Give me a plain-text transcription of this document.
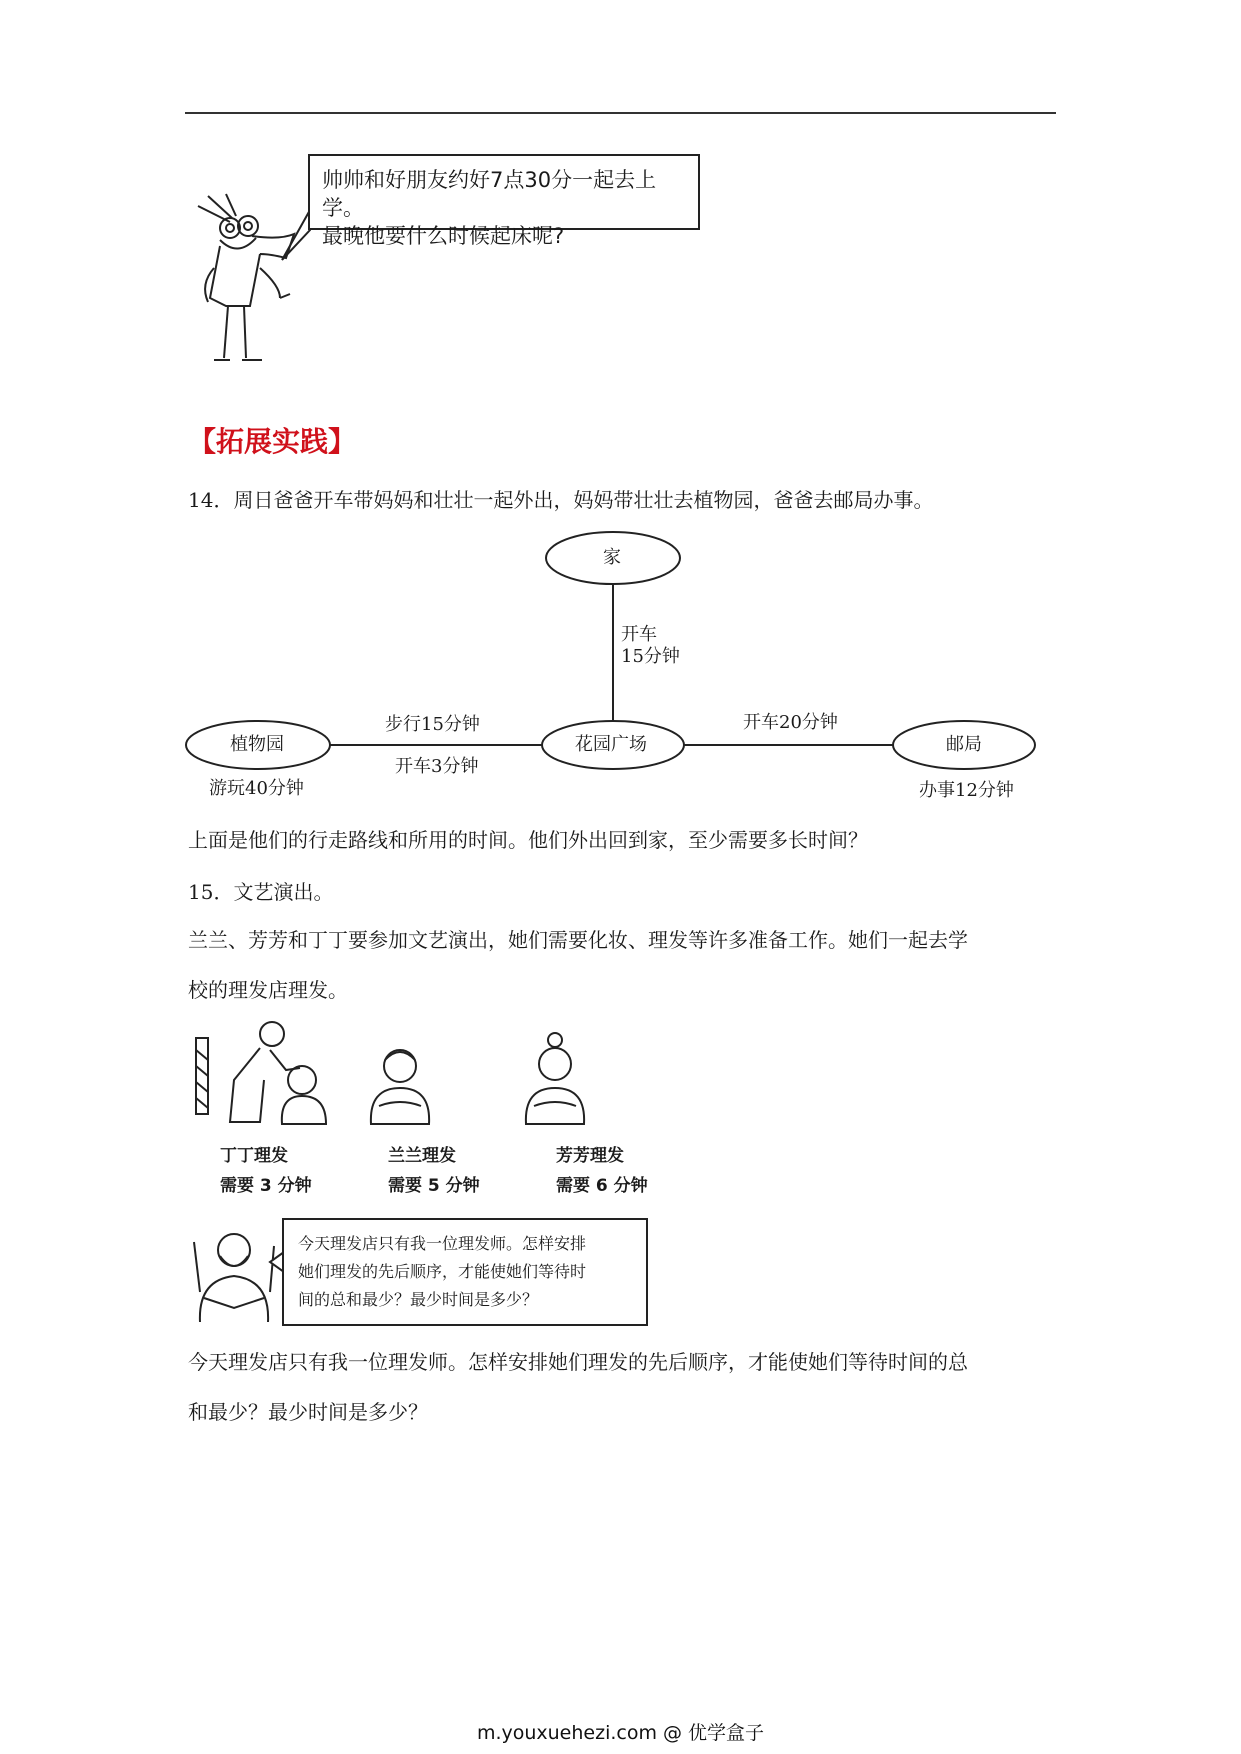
帅帅和好朋友约好7点30分一起去上学。
最晚他要什么时候起床呢?
【拓展实践】
14．周日爸爸开车带妈妈和壮壮一起外出，妈妈带壮壮去植物园，爸爸去邮局办事。
家
植物园	花园广场	邮局
开车
15分钟
步行15分钟
开车3分钟
开车20分钟
游玩40分钟	办事12分钟
上面是他们的行走路线和所用的时间。他们外出回到家，至少需要多长时间？
15．文艺演出。
兰兰、芳芳和丁丁要参加文艺演出，她们需要化妆、理发等许多准备工作。她们一起去学
校的理发店理发。
丁丁理发
需要 3 分钟
兰兰理发
需要 5 分钟
芳芳理发
需要 6 分钟
今天理发店只有我一位理发师。怎样安排
她们理发的先后顺序，才能使她们等待时
间的总和最少？最少时间是多少？
今天理发店只有我一位理发师。怎样安排她们理发的先后顺序，才能使她们等待时间的总
和最少？最少时间是多少？
m.youxuehezi.com @ 优学盒子
